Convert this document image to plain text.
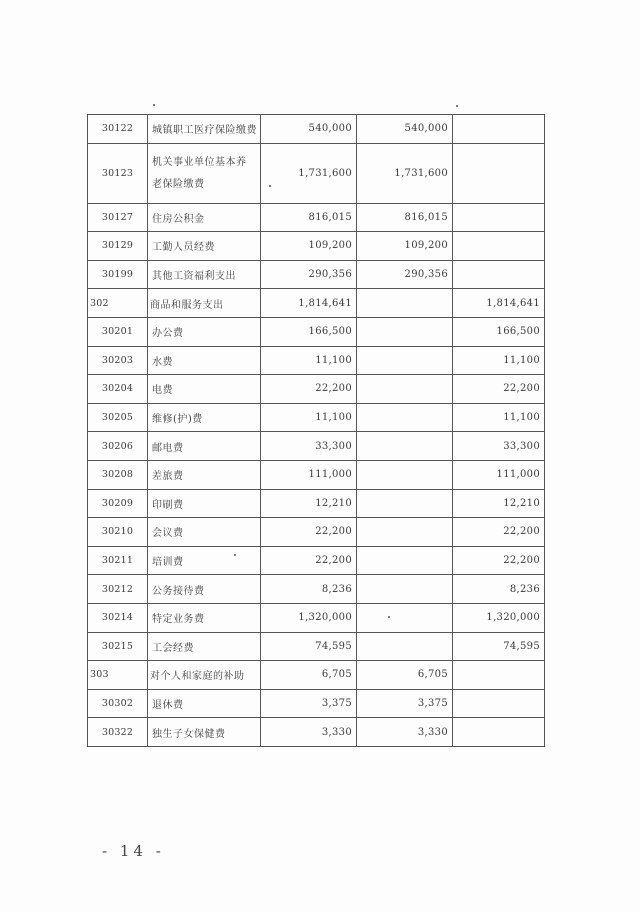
30122	城镇职工医疗保险缴费	540,000	540,000	
30123	机关事业单位基本养老保险缴费	1,731,600	1,731,600	
30127	住房公积金	816,015	816,015	
30129	工勤人员经费	109,200	109,200	
30199	其他工资福利支出	290,356	290,356	
302	商品和服务支出	1,814,641		1,814,641
30201	办公费	166,500		166,500
30203	水费	11,100		11,100
30204	电费	22,200		22,200
30205	维修(护)费	11,100		11,100
30206	邮电费	33,300		33,300
30208	差旅费	111,000		111,000
30209	印刷费	12,210		12,210
30210	会议费	22,200		22,200
30211	培训费	22,200		22,200
30212	公务接待费	8,236		8,236
30214	特定业务费	1,320,000		1,320,000
30215	工会经费	74,595		74,595
303	对个人和家庭的补助	6,705	6,705	
30302	退休费	3,375	3,375	
30322	独生子女保健费	3,330	3,330	
- 14 -
